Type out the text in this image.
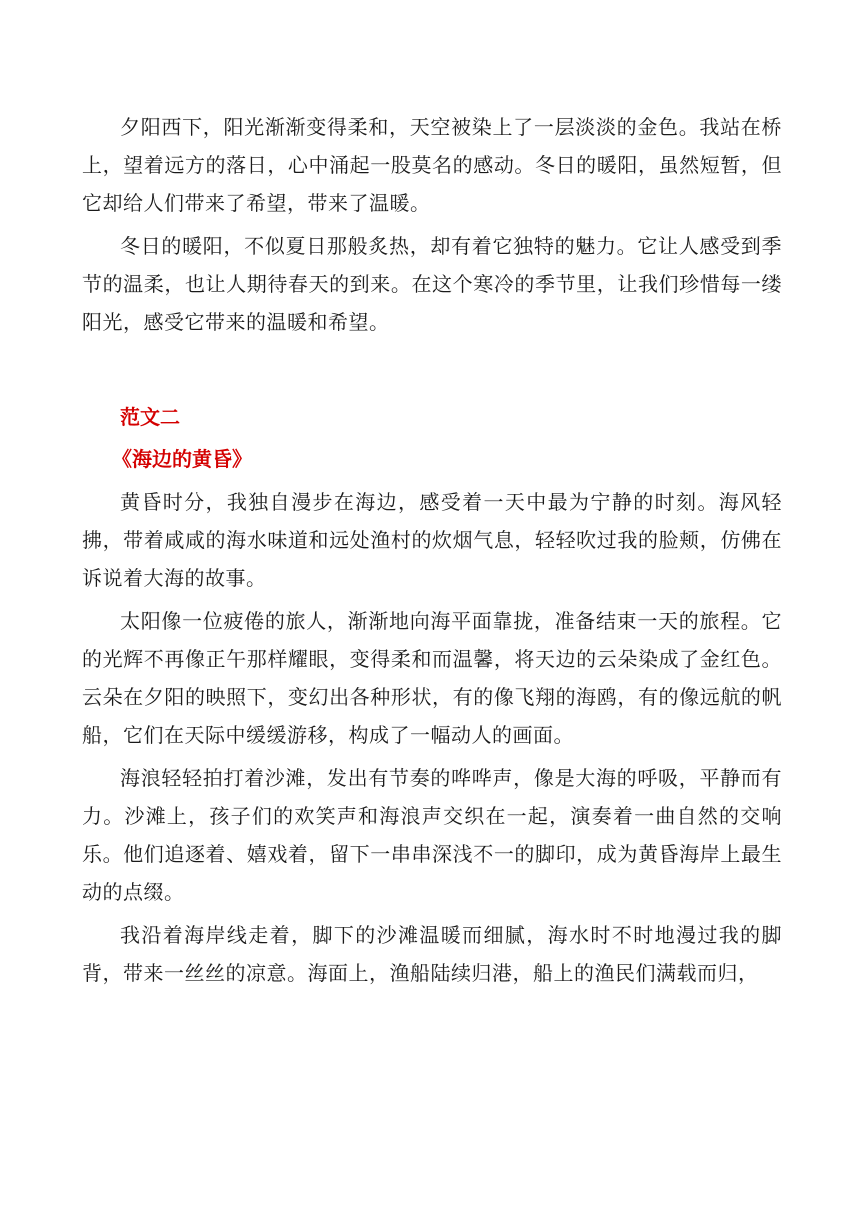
夕阳西下，阳光渐渐变得柔和，天空被染上了一层淡淡的金色。我站在桥上，望着远方的落日，心中涌起一股莫名的感动。冬日的暖阳，虽然短暂，但它却给人们带来了希望，带来了温暖。

冬日的暖阳，不似夏日那般炙热，却有着它独特的魅力。它让人感受到季节的温柔，也让人期待春天的到来。在这个寒冷的季节里，让我们珍惜每一缕阳光，感受它带来的温暖和希望。

范文二

《海边的黄昏》

黄昏时分，我独自漫步在海边，感受着一天中最为宁静的时刻。海风轻拂，带着咸咸的海水味道和远处渔村的炊烟气息，轻轻吹过我的脸颊，仿佛在诉说着大海的故事。

太阳像一位疲倦的旅人，渐渐地向海平面靠拢，准备结束一天的旅程。它的光辉不再像正午那样耀眼，变得柔和而温馨，将天边的云朵染成了金红色。云朵在夕阳的映照下，变幻出各种形状，有的像飞翔的海鸥，有的像远航的帆船，它们在天际中缓缓游移，构成了一幅动人的画面。

海浪轻轻拍打着沙滩，发出有节奏的哗哗声，像是大海的呼吸，平静而有力。沙滩上，孩子们的欢笑声和海浪声交织在一起，演奏着一曲自然的交响乐。他们追逐着、嬉戏着，留下一串串深浅不一的脚印，成为黄昏海岸上最生动的点缀。

我沿着海岸线走着，脚下的沙滩温暖而细腻，海水时不时地漫过我的脚背，带来一丝丝的凉意。海面上，渔船陆续归港，船上的渔民们满载而归，
